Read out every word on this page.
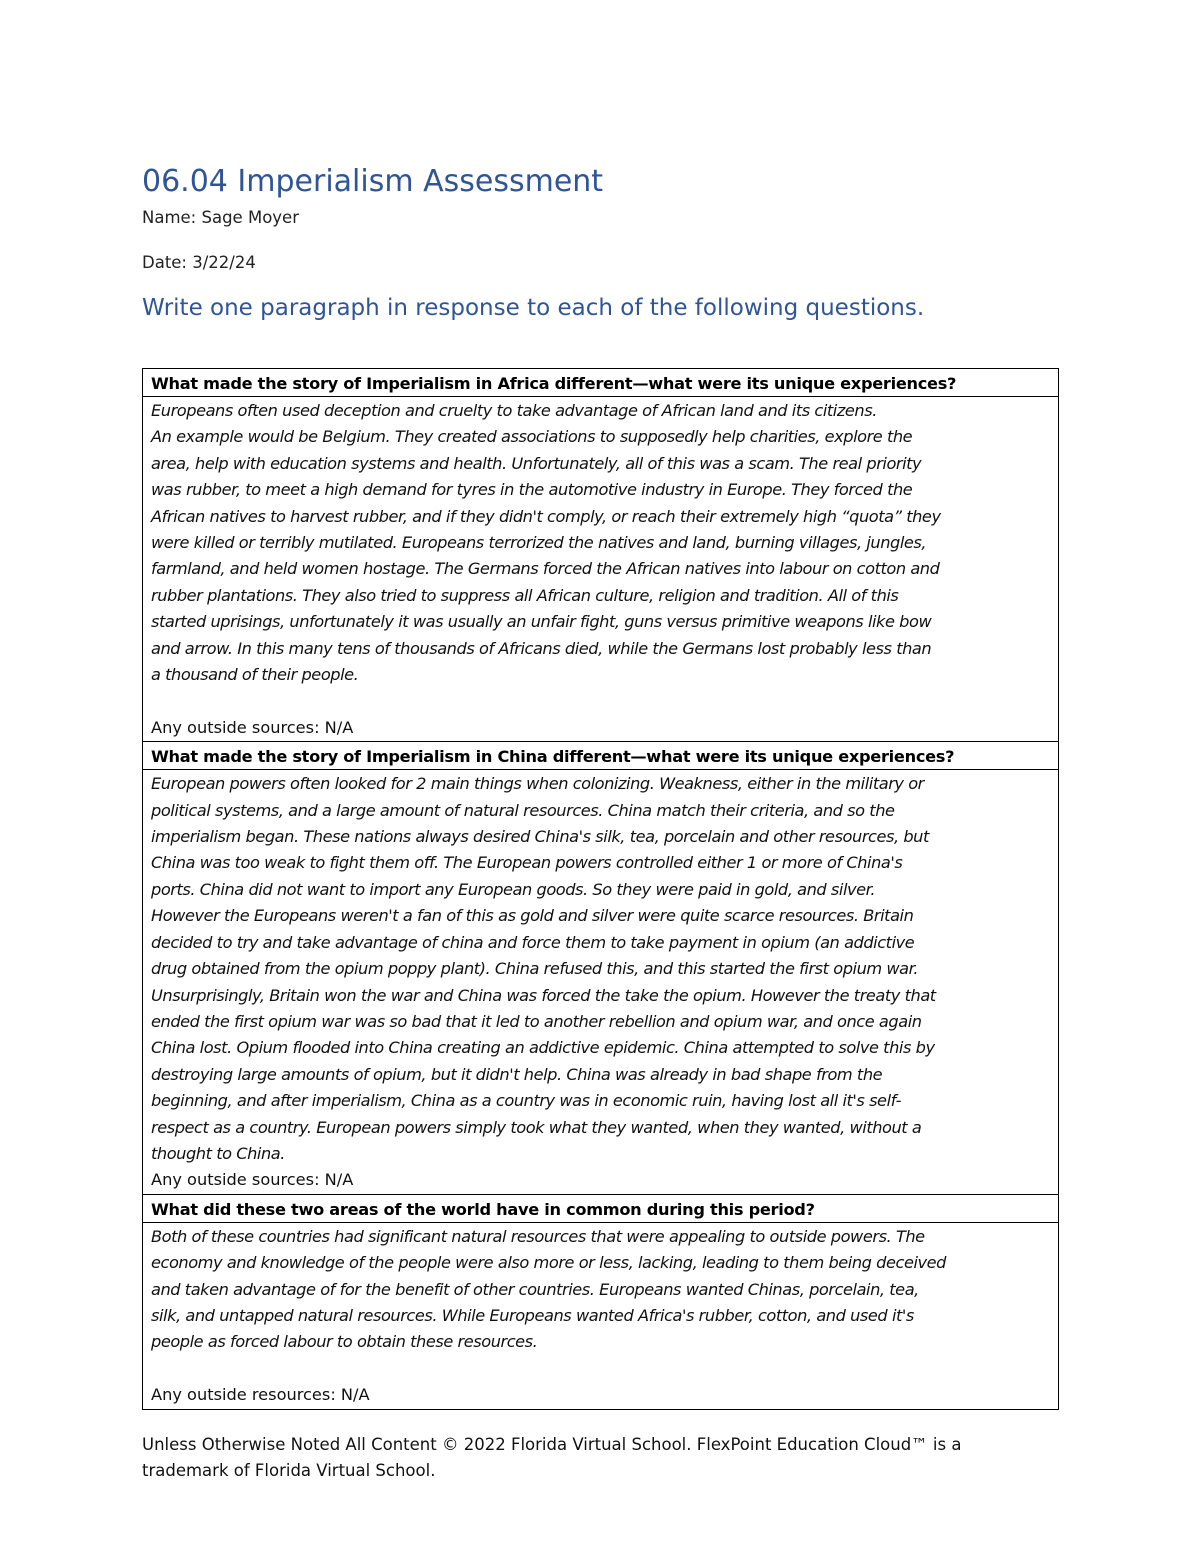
06.04 Imperialism Assessment

Name: Sage Moyer

Date: 3/22/24

Write one paragraph in response to each of the following questions.
What made the story of Imperialism in Africa different—what were its unique experiences?

Europeans often used deception and cruelty to take advantage of African land and its citizens.
An example would be Belgium. They created associations to supposedly help charities, explore the
area, help with education systems and health. Unfortunately, all of this was a scam. The real priority
was rubber, to meet a high demand for tyres in the automotive industry in Europe. They forced the
African natives to harvest rubber, and if they didn't comply, or reach their extremely high “quota” they
were killed or terribly mutilated. Europeans terrorized the natives and land, burning villages, jungles,
farmland, and held women hostage. The Germans forced the African natives into labour on cotton and
rubber plantations. They also tried to suppress all African culture, religion and tradition. All of this
started uprisings, unfortunately it was usually an unfair fight, guns versus primitive weapons like bow
and arrow. In this many tens of thousands of Africans died, while the Germans lost probably less than
a thousand of their people.
Any outside sources: N/A

What made the story of Imperialism in China different—what were its unique experiences?

European powers often looked for 2 main things when colonizing. Weakness, either in the military or
political systems, and a large amount of natural resources. China match their criteria, and so the
imperialism began. These nations always desired China's silk, tea, porcelain and other resources, but
China was too weak to fight them off. The European powers controlled either 1 or more of China's
ports. China did not want to import any European goods. So they were paid in gold, and silver.
However the Europeans weren't a fan of this as gold and silver were quite scarce resources. Britain
decided to try and take advantage of china and force them to take payment in opium (an addictive
drug obtained from the opium poppy plant). China refused this, and this started the first opium war.
Unsurprisingly, Britain won the war and China was forced the take the opium. However the treaty that
ended the first opium war was so bad that it led to another rebellion and opium war, and once again
China lost. Opium flooded into China creating an addictive epidemic. China attempted to solve this by
destroying large amounts of opium, but it didn't help. China was already in bad shape from the
beginning, and after imperialism, China as a country was in economic ruin, having lost all it's self-
respect as a country. European powers simply took what they wanted, when they wanted, without a
thought to China.
Any outside sources: N/A

What did these two areas of the world have in common during this period?

Both of these countries had significant natural resources that were appealing to outside powers. The
economy and knowledge of the people were also more or less, lacking, leading to them being deceived
and taken advantage of for the benefit of other countries. Europeans wanted Chinas, porcelain, tea,
silk, and untapped natural resources. While Europeans wanted Africa's rubber, cotton, and used it's
people as forced labour to obtain these resources.
Any outside resources: N/A

Unless Otherwise Noted All Content © 2022 Florida Virtual School. FlexPoint Education Cloud™ is a
trademark of Florida Virtual School.
